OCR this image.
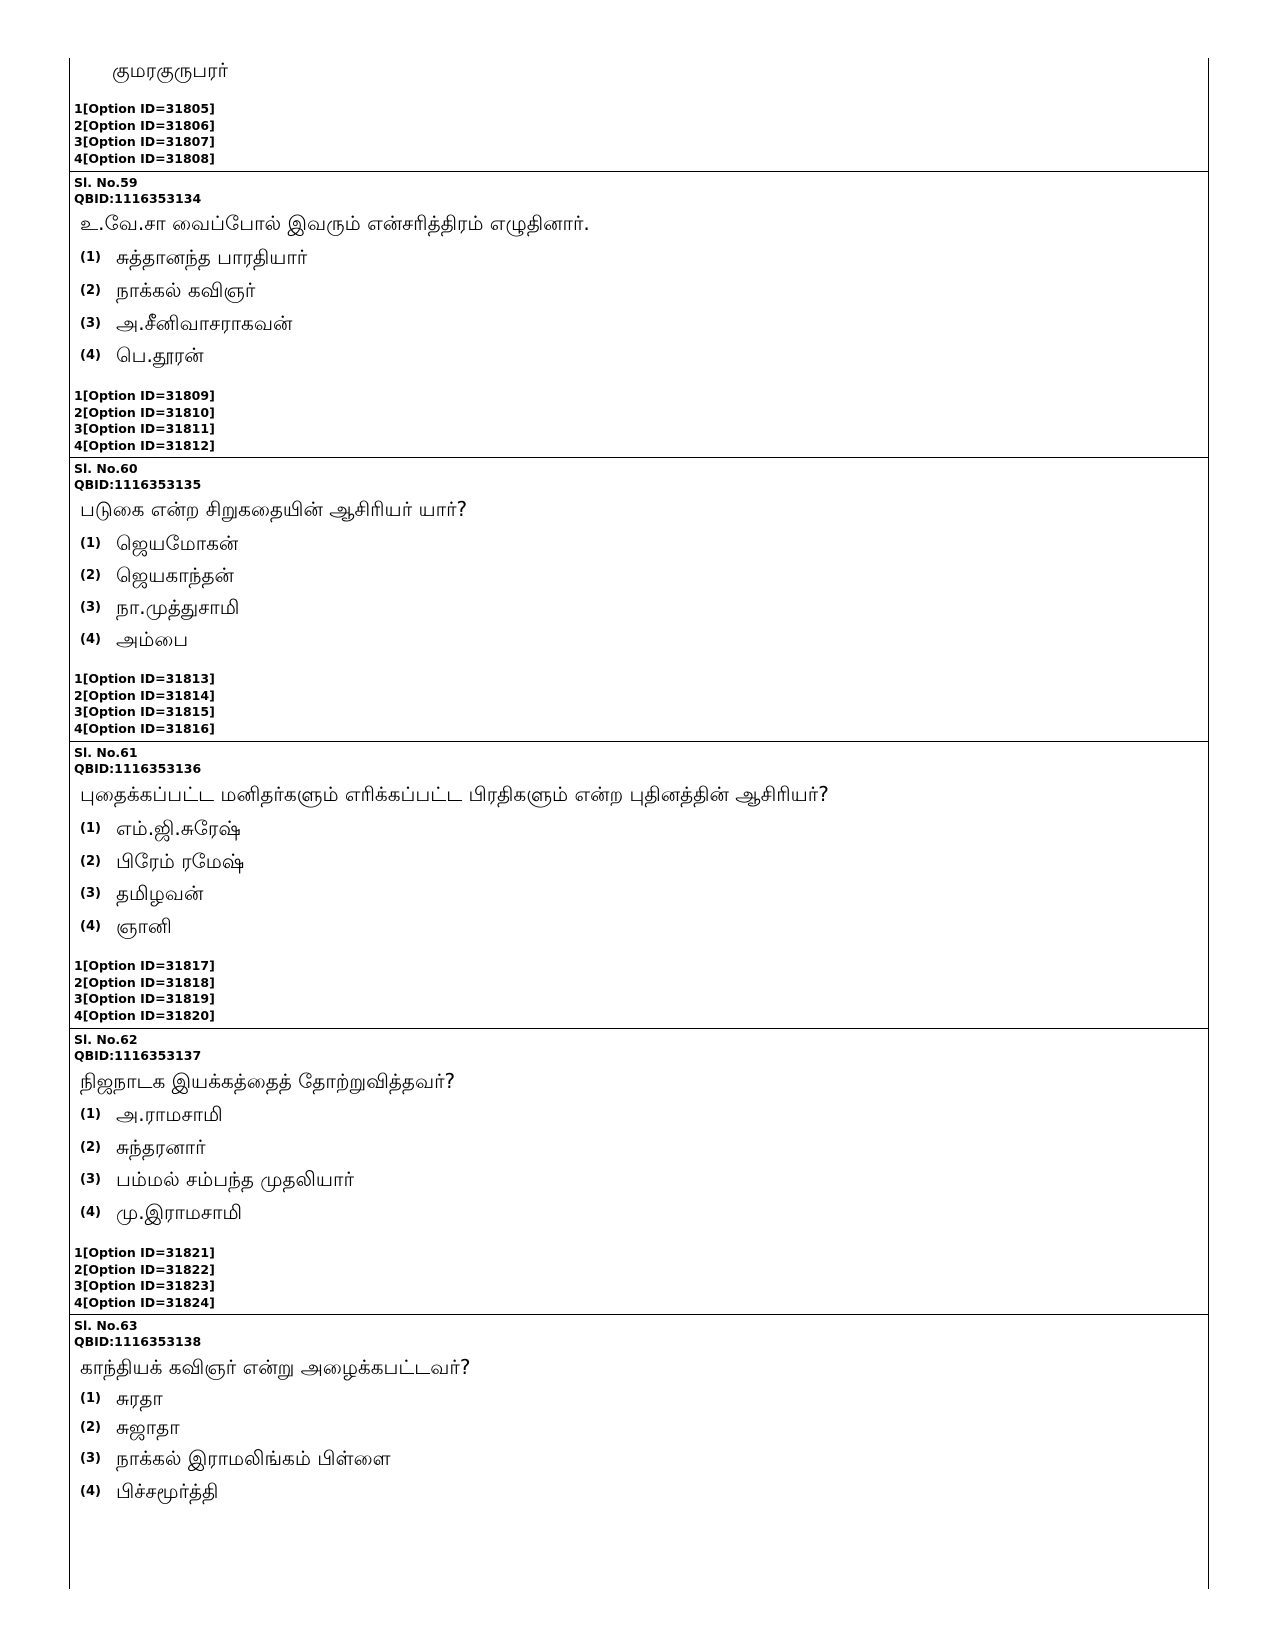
குமரகுருபரர்
1[Option ID=31805]
2[Option ID=31806]
3[Option ID=31807]
4[Option ID=31808]
Sl. No.59
QBID:1116353134
உ.வே.சா வைப்போல் இவரும் என்சரித்திரம் எழுதினார்.
(1) சுத்தானந்த பாரதியார்
(2) நாக்கல் கவிஞர்
(3) அ.சீனிவாசராகவன்
(4) பெ.தூரன்
1[Option ID=31809]
2[Option ID=31810]
3[Option ID=31811]
4[Option ID=31812]
Sl. No.60
QBID:1116353135
படுகை என்ற சிறுகதையின் ஆசிரியர் யார்?
(1) ஜெயமோகன்
(2) ஜெயகாந்தன்
(3) நா.முத்துசாமி
(4) அம்பை
1[Option ID=31813]
2[Option ID=31814]
3[Option ID=31815]
4[Option ID=31816]
Sl. No.61
QBID:1116353136
புதைக்கப்பட்ட மனிதர்களும் எரிக்கப்பட்ட பிரதிகளும் என்ற புதினத்தின் ஆசிரியர்?
(1) எம்.ஜி.சுரேஷ்
(2) பிரேம் ரமேஷ்
(3) தமிழவன்
(4) ஞானி
1[Option ID=31817]
2[Option ID=31818]
3[Option ID=31819]
4[Option ID=31820]
Sl. No.62
QBID:1116353137
நிஜநாடக இயக்கத்தைத் தோற்றுவித்தவர்?
(1) அ.ராமசாமி
(2) சுந்தரனார்
(3) பம்மல் சம்பந்த முதலியார்
(4) மு.இராமசாமி
1[Option ID=31821]
2[Option ID=31822]
3[Option ID=31823]
4[Option ID=31824]
Sl. No.63
QBID:1116353138
காந்தியக் கவிஞர் என்று அழைக்கபட்டவர்?
(1) சுரதா
(2) சுஜாதா
(3) நாக்கல் இராமலிங்கம் பிள்ளை
(4) பிச்சமூர்த்தி
